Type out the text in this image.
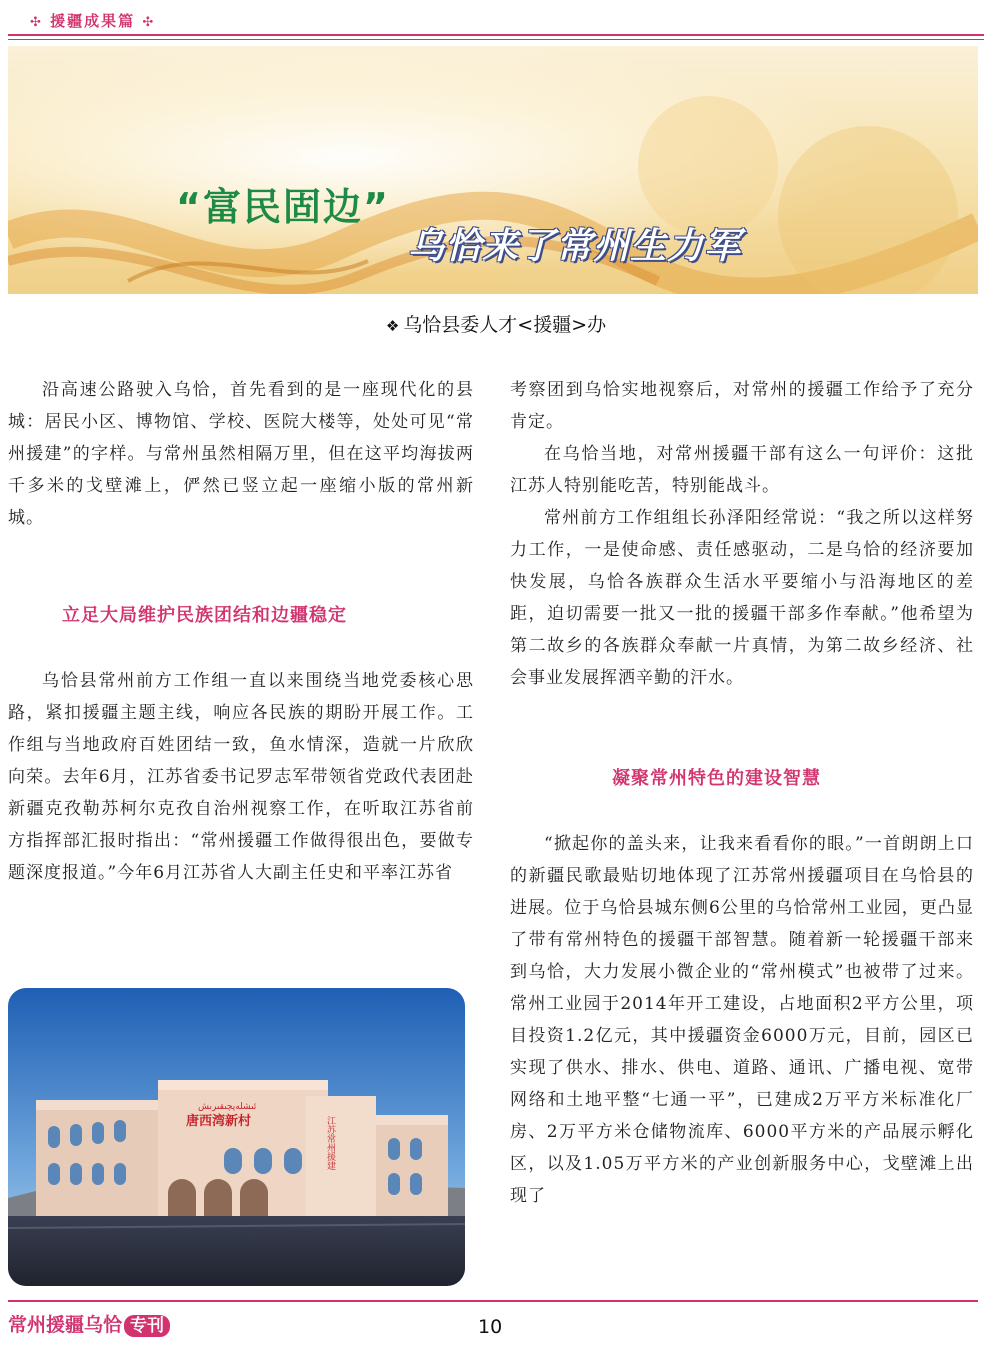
✣ 援疆成果篇 ✣
“富民固边”
乌恰来了常州生力军
❖ 乌恰县委人才<援疆>办

沿高速公路驶入乌恰，首先看到的是一座现代化的县城：居民小区、博物馆、学校、医院大楼等，处处可见“常州援建”的字样。与常州虽然相隔万里，但在这平均海拔两千多米的戈壁滩上，俨然已竖立起一座缩小版的常州新城。

立足大局维护民族团结和边疆稳定

乌恰县常州前方工作组一直以来围绕当地党委核心思路，紧扣援疆主题主线，响应各民族的期盼开展工作。工作组与当地政府百姓团结一致，鱼水情深，造就一片欣欣向荣。去年6月，江苏省委书记罗志军带领省党政代表团赴新疆克孜勒苏柯尔克孜自治州视察工作，在听取江苏省前方指挥部汇报时指出：“常州援疆工作做得很出色，要做专题深度报道。”今年6月江苏省人大副主任史和平率江苏省

唐西湾新村
ئىشلەپچىقىرىش
江苏常州援建

考察团到乌恰实地视察后，对常州的援疆工作给予了充分肯定。

在乌恰当地，对常州援疆干部有这么一句评价：这批江苏人特别能吃苦，特别能战斗。

常州前方工作组组长孙泽阳经常说：“我之所以这样努力工作，一是使命感、责任感驱动，二是乌恰的经济要加快发展，乌恰各族群众生活水平要缩小与沿海地区的差距，迫切需要一批又一批的援疆干部多作奉献。”他希望为第二故乡的各族群众奉献一片真情，为第二故乡经济、社会事业发展挥洒辛勤的汗水。

凝聚常州特色的建设智慧

“掀起你的盖头来，让我来看看你的眼。”一首朗朗上口的新疆民歌最贴切地体现了江苏常州援疆项目在乌恰县的进展。位于乌恰县城东侧6公里的乌恰常州工业园，更凸显了带有常州特色的援疆干部智慧。随着新一轮援疆干部来到乌恰，大力发展小微企业的“常州模式”也被带了过来。常州工业园于2014年开工建设，占地面积2平方公里，项目投资1.2亿元，其中援疆资金6000万元，目前，园区已实现了供水、排水、供电、道路、通讯、广播电视、宽带网络和土地平整“七通一平”，已建成2万平方米标准化厂房、2万平方米仓储物流库、6000平方米的产品展示孵化区，以及1.05万平方米的产业创新服务中心，戈壁滩上出现了

常州援疆乌恰 专刊	10
